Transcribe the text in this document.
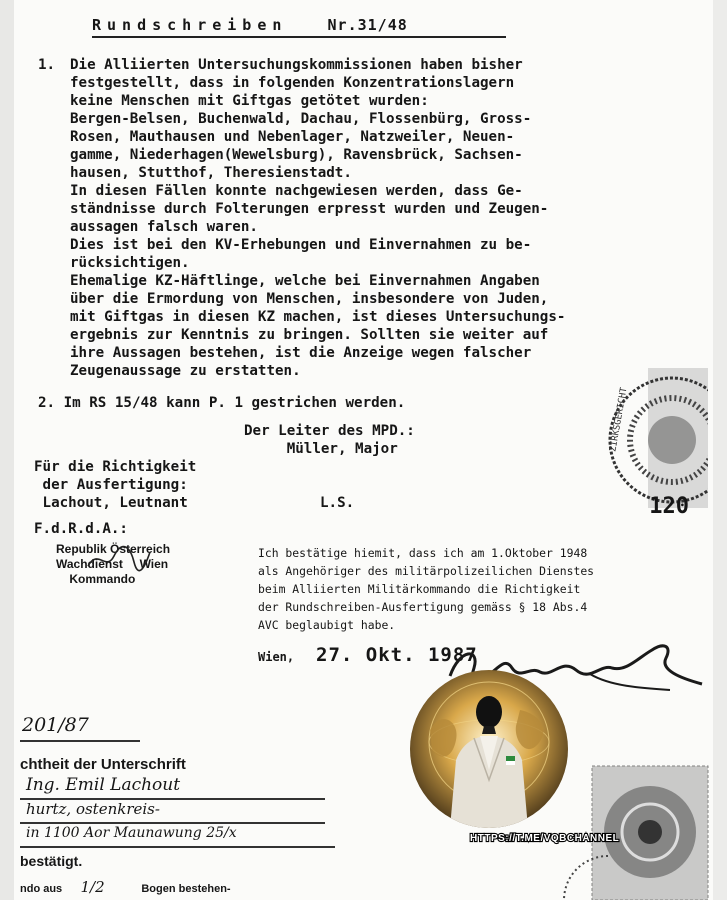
Rundschreiben	Nr.31/48
1. Die Alliierten Untersuchungskommissionen haben bisher
festgestellt, dass in folgenden Konzentrationslagern
keine Menschen mit Giftgas getötet wurden:
Bergen-Belsen, Buchenwald, Dachau, Flossenbürg, Gross-
Rosen, Mauthausen und Nebenlager, Natzweiler, Neuen-
gamme, Niederhagen(Wewelsburg), Ravensbrück, Sachsen-
hausen, Stutthof, Theresienstadt.
In diesen Fällen konnte nachgewiesen werden, dass Ge-
ständnisse durch Folterungen erpresst wurden und Zeugen-
aussagen falsch waren.
Dies ist bei den KV-Erhebungen und Einvernahmen zu be-
rücksichtigen.
Ehemalige KZ-Häftlinge, welche bei Einvernahmen Angaben
über die Ermordung von Menschen, insbesondere von Juden,
mit Giftgas in diesen KZ machen, ist dieses Untersuchungs-
ergebnis zur Kenntnis zu bringen. Sollten sie weiter auf
ihre Aussagen bestehen, ist die Anzeige wegen falscher
Zeugenaussage zu erstatten.
2. Im RS 15/48 kann P. 1 gestrichen werden.
Der Leiter des MPD.:
Müller, Major
Für die Richtigkeit
der Ausfertigung:
Lachout, Leutnant	L.S.
F.d.R.d.A.:
Republik Österreich
Wachdienst     Wien
Kommando
Ich bestätige hiemit, dass ich am 1.Oktober 1948
als Angehöriger des militärpolizeilichen Dienstes
beim Alliierten Militärkommando die Richtigkeit
der Rundschreiben-Ausfertigung gemäss § 18 Abs.4
AVC beglaubigt habe.
Wien, 27. Okt. 1987
ZIRKSGERICHT
120
201/87
chtheit der Unterschrift
Ing. Emil Lachout
hurtz, ostenkreis-
in 1100 Aor Maunawung 25/x
bestätigt.
ndo aus 1/2	Bogen bestehen-
HTTPS://T.ME/VQBCHANNEL
